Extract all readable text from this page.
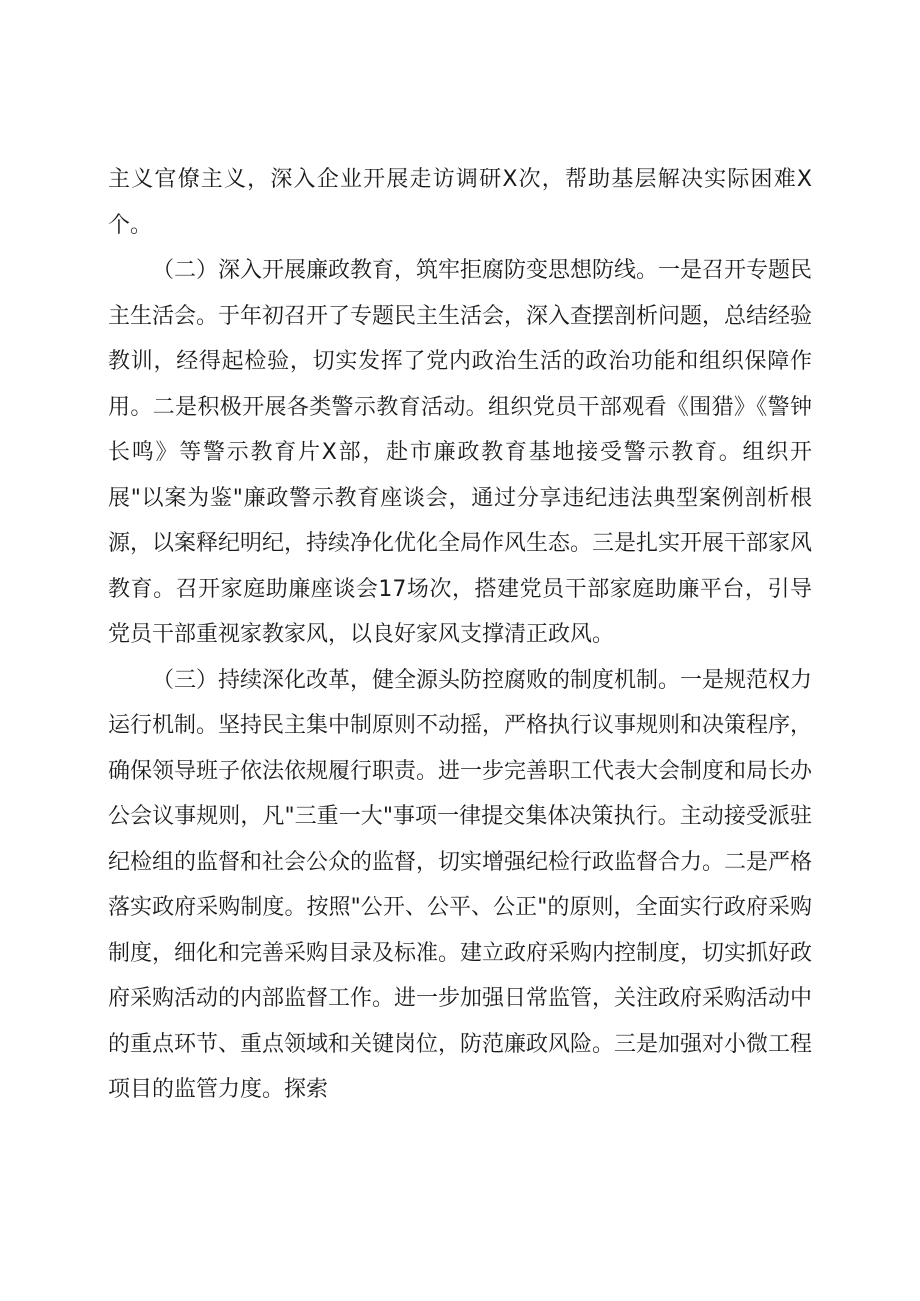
主义官僚主义，深入企业开展走访调研X次，帮助基层解决实际困难X个。

（二）深入开展廉政教育，筑牢拒腐防变思想防线。一是召开专题民主生活会。于年初召开了专题民主生活会，深入查摆剖析问题，总结经验教训，经得起检验，切实发挥了党内政治生活的政治功能和组织保障作用。二是积极开展各类警示教育活动。组织党员干部观看《围猎》《警钟长鸣》等警示教育片X部，赴市廉政教育基地接受警示教育。组织开展"以案为鉴"廉政警示教育座谈会，通过分享违纪违法典型案例剖析根源，以案释纪明纪，持续净化优化全局作风生态。三是扎实开展干部家风教育。召开家庭助廉座谈会17场次，搭建党员干部家庭助廉平台，引导党员干部重视家教家风，以良好家风支撑清正政风。

（三）持续深化改革，健全源头防控腐败的制度机制。一是规范权力运行机制。坚持民主集中制原则不动摇，严格执行议事规则和决策程序，确保领导班子依法依规履行职责。进一步完善职工代表大会制度和局长办公会议事规则，凡"三重一大"事项一律提交集体决策执行。主动接受派驻纪检组的监督和社会公众的监督，切实增强纪检行政监督合力。二是严格落实政府采购制度。按照"公开、公平、公正"的原则，全面实行政府采购制度，细化和完善采购目录及标准。建立政府采购内控制度，切实抓好政府采购活动的内部监督工作。进一步加强日常监管，关注政府采购活动中的重点环节、重点领域和关键岗位，防范廉政风险。三是加强对小微工程项目的监管力度。探索
